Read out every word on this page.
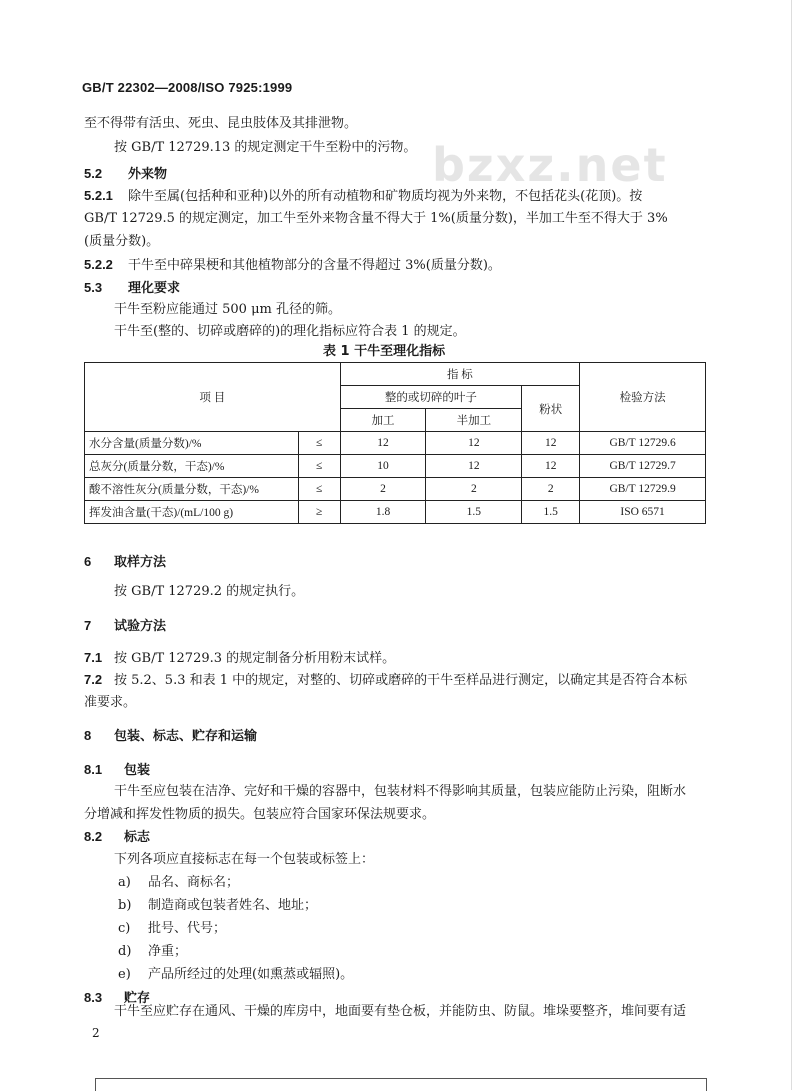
GB/T 22302—2008/ISO 7925:1999
bzxz.net
至不得带有活虫、死虫、昆虫肢体及其排泄物。
按 GB/T 12729.13 的规定测定干牛至粉中的污物。
5.2 外来物
5.2.1 除牛至属(包括种和亚种)以外的所有动植物和矿物质均视为外来物，不包括花头(花顶)。按
GB/T 12729.5 的规定测定，加工牛至外来物含量不得大于 1%(质量分数)，半加工牛至不得大于 3%
(质量分数)。
5.2.2 干牛至中碎果梗和其他植物部分的含量不得超过 3%(质量分数)。
5.3 理化要求
干牛至粉应能通过 500 μm 孔径的筛。
干牛至(整的、切碎或磨碎的)的理化指标应符合表 1 的规定。
表 1 干牛至理化指标
项 目		指 标			检验方法
		整的或切碎的叶子		粉状	
		加工	半加工		
水分含量(质量分数)/%	≤	12	12	12	GB/T 12729.6
总灰分(质量分数，干态)/%	≤	10	12	12	GB/T 12729.7
酸不溶性灰分(质量分数，干态)/%	≤	2	2	2	GB/T 12729.9
挥发油含量(干态)/(mL/100 g)	≥	1.8	1.5	1.5	ISO 6571
6 取样方法
按 GB/T 12729.2 的规定执行。
7 试验方法
7.1 按 GB/T 12729.3 的规定制备分析用粉末试样。
7.2 按 5.2、5.3 和表 1 中的规定，对整的、切碎或磨碎的干牛至样品进行测定，以确定其是否符合本标
准要求。
8 包装、标志、贮存和运输
8.1 包装
干牛至应包装在洁净、完好和干燥的容器中，包装材料不得影响其质量，包装应能防止污染，阻断水
分增减和挥发性物质的损失。包装应符合国家环保法规要求。
8.2 标志
下列各项应直接标志在每一个包装或标签上：
a) 品名、商标名；
b) 制造商或包装者姓名、地址；
c) 批号、代号；
d) 净重；
e) 产品所经过的处理(如熏蒸或辐照)。
8.3 贮存
干牛至应贮存在通风、干燥的库房中，地面要有垫仓板，并能防虫、防鼠。堆垛要整齐，堆间要有适
2
